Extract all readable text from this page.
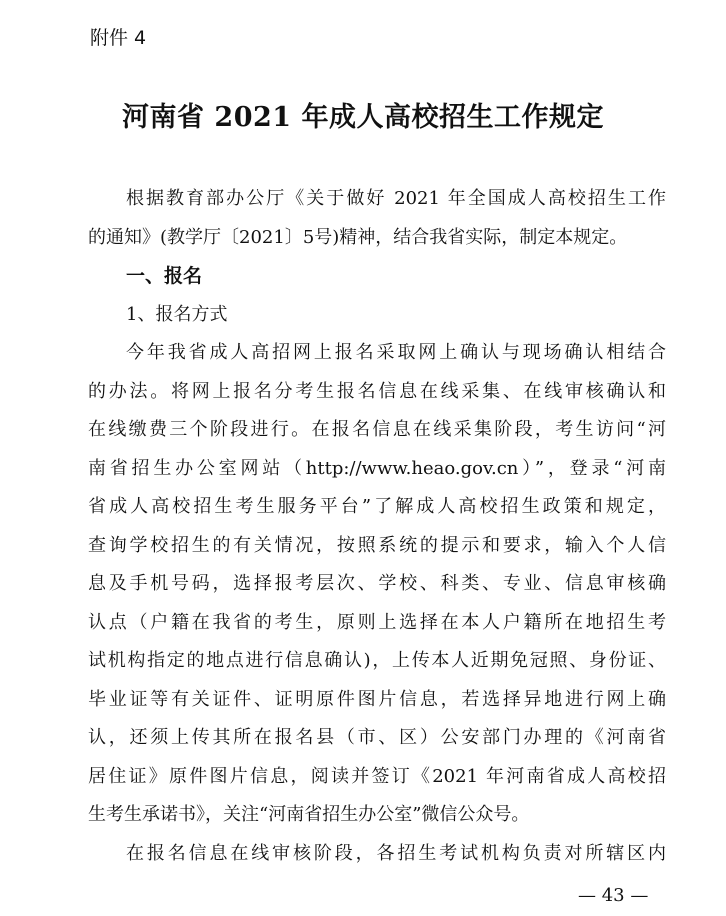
附件 4
河南省 2021 年成人高校招生工作规定
根据教育部办公厅《关于做好 2021 年全国成人高校招生工作
的通知》(教学厅〔2021〕5号)精神，结合我省实际，制定本规定。
一、报名
1、报名方式
今年我省成人高招网上报名采取网上确认与现场确认相结合
的办法。将网上报名分考生报名信息在线采集、在线审核确认和
在线缴费三个阶段进行。在报名信息在线采集阶段，考生访问“河
南省招生办公室网站（http://www.heao.gov.cn）”，登录“河南
省成人高校招生考生服务平台”了解成人高校招生政策和规定，
查询学校招生的有关情况，按照系统的提示和要求，输入个人信
息及手机号码，选择报考层次、学校、科类、专业、信息审核确
认点（户籍在我省的考生，原则上选择在本人户籍所在地招生考
试机构指定的地点进行信息确认)，上传本人近期免冠照、身份证、
毕业证等有关证件、证明原件图片信息，若选择异地进行网上确
认，还须上传其所在报名县（市、区）公安部门办理的《河南省
居住证》原件图片信息，阅读并签订《2021 年河南省成人高校招
生考生承诺书》，关注“河南省招生办公室”微信公众号。
在报名信息在线审核阶段，各招生考试机构负责对所辖区内
— 43 —
